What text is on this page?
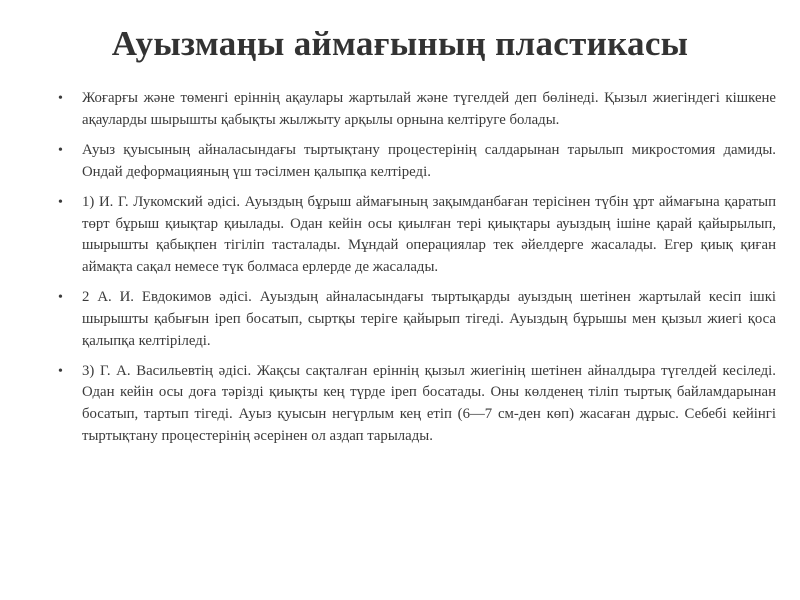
Ауызмаңы аймағының пластикасы
•	Жоғарғы және төменгі еріннің ақаулары жартылай және түгелдей деп бөлінеді. Қызыл жиегіндегі кішкене ақауларды шырышты қабықты жылжыту арқылы орнына келтіруге болады.
•	Ауыз қуысының айналасындағы тыртықтану процестерінің салдарынан тарылып микростомия дамиды. Ондай деформацияның үш тәсілмен қалыпқа келтіреді.
•	1) И. Г. Лукомский әдісі. Ауыздың бұрыш аймағының зақымданбаған терісінен түбін ұрт аймағына қаратып төрт бұрыш қиықтар қиылады. Одан кейін осы қиылған тері қиықтары ауыздың ішіне қарай қайырылып, шырышты қабықпен тігіліп тасталады. Мұндай операциялар тек әйелдерге жасалады. Егер қиық қиған аймақта сақал немесе түк болмаса ерлерде де жасалады.
•	2 А. И. Евдокимов әдісі. Ауыздың айналасындағы тыртықарды ауыздың шетінен жартылай кесіп ішкі шырышты қабығын іреп босатып, сыртқы теріге қайырып тігеді. Ауыздың бұрышы мен қызыл жиегі қоса қалыпқа келтіріледі.
•	3) Г. А. Васильевтің әдісі. Жақсы сақталған еріннің қызыл жиегінің шетінен айналдыра түгелдей кесіледі. Одан кейін осы доға тәрізді қиықты кең түрде іреп босатады. Оны көлденең тіліп тыртық байламдарынан босатып, тартып тігеді. Ауыз қуысын негүрлым кең етіп (6—7 см-ден көп) жасаған дұрыс. Себебі кейінгі тыртықтану процестерінің әсерінен ол аздап тарылады.
